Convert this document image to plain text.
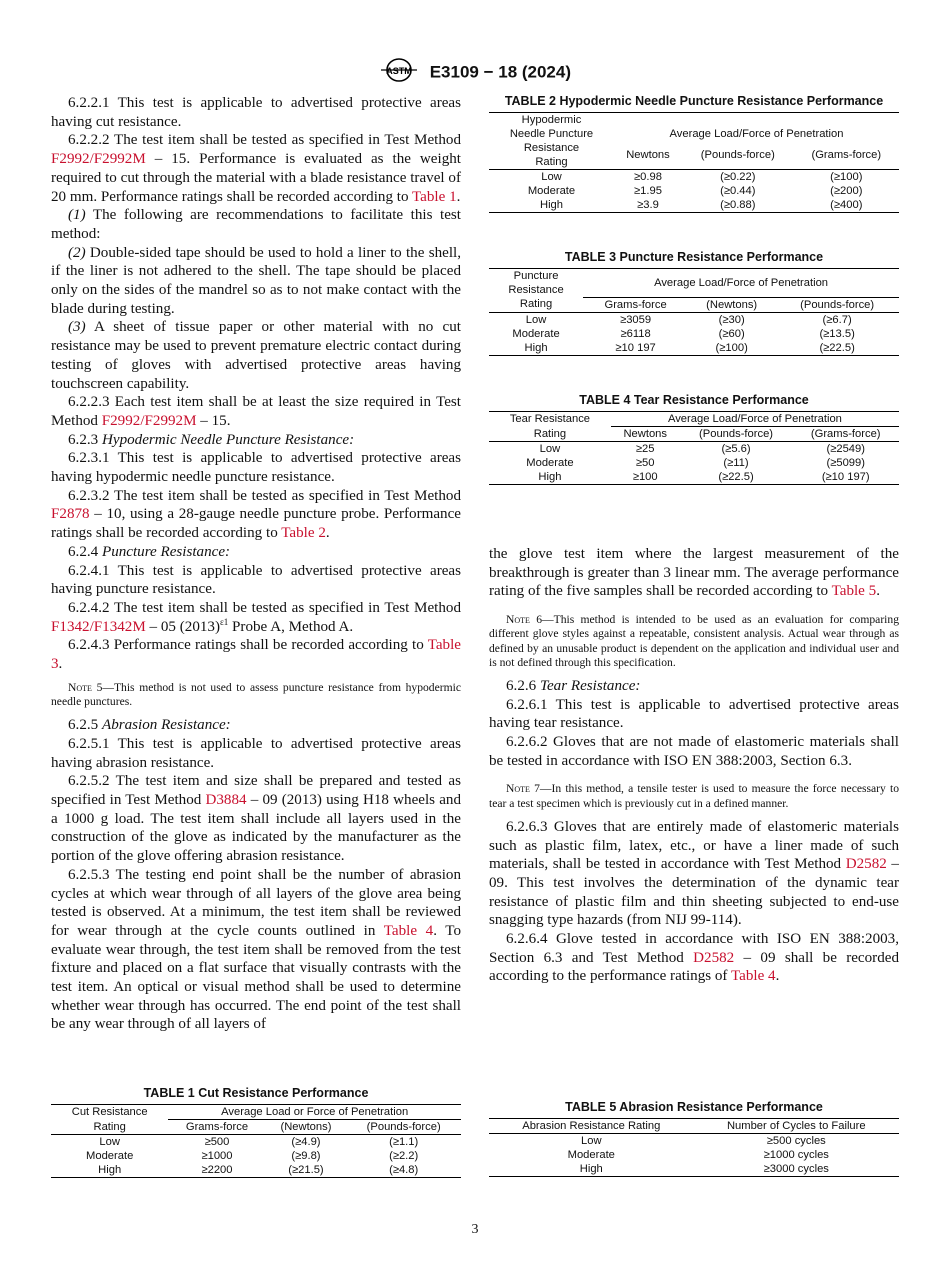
ASTM E3109 − 18 (2024)

6.2.2.1 This test is applicable to advertised protective areas having cut resistance.

6.2.2.2 The test item shall be tested as specified in Test Method F2992/F2992M – 15. Performance is evaluated as the weight required to cut through the material with a blade resistance travel of 20 mm. Performance ratings shall be recorded according to Table 1.

(1) The following are recommendations to facilitate this test method:

(2) Double-sided tape should be used to hold a liner to the shell, if the liner is not adhered to the shell. The tape should be placed only on the sides of the mandrel so as to not make contact with the blade during testing.

(3) A sheet of tissue paper or other material with no cut resistance may be used to prevent premature electric contact during testing of gloves with advertised protective areas having touchscreen capability.

6.2.2.3 Each test item shall be at least the size required in Test Method F2992/F2992M – 15.

6.2.3 Hypodermic Needle Puncture Resistance:

6.2.3.1 This test is applicable to advertised protective areas having hypodermic needle puncture resistance.

6.2.3.2 The test item shall be tested as specified in Test Method F2878 – 10, using a 28-gauge needle puncture probe. Performance ratings shall be recorded according to Table 2.

6.2.4 Puncture Resistance:

6.2.4.1 This test is applicable to advertised protective areas having puncture resistance.

6.2.4.2 The test item shall be tested as specified in Test Method F1342/F1342M – 05 $(2013)^{\varepsilon 1}$ Probe A, Method A.

6.2.4.3 Performance ratings shall be recorded according to Table 3.

Note 5—This method is not used to assess puncture resistance from hypodermic needle punctures.

6.2.5 Abrasion Resistance:

6.2.5.1 This test is applicable to advertised protective areas having abrasion resistance.

6.2.5.2 The test item and size shall be prepared and tested as specified in Test Method D3884 – 09 (2013) using H18 wheels and a 1000 g load. The test item shall include all layers used in the construction of the glove as indicated by the manufacturer as the portion of the glove offering abrasion resistance.

6.2.5.3 The testing end point shall be the number of abrasion cycles at which wear through of all layers of the glove area being tested is observed. At a minimum, the test item shall be reviewed for wear through at the cycle counts outlined in Table 4. To evaluate wear through, the test item shall be removed from the test fixture and placed on a flat surface that visually contrasts with the test item. An optical or visual method shall be used to determine whether wear through has occurred. The end point of the test shall be any wear through of all layers of

TABLE 2 Hypodermic Needle Puncture Resistance Performance
Hypodermic	Average Load/Force of Penetration		
Needle Puncture			
Resistance	Newtons	(Pounds-force)	(Grams-force)
Rating			
Low	≥0.98	(≥0.22)	(≥100)
Moderate	≥1.95	(≥0.44)	(≥200)
High	≥3.9	(≥0.88)	(≥400)
TABLE 3 Puncture Resistance Performance
Puncture	Average Load/Force of Penetration		
Resistance			
Rating	Grams-force	(Newtons)	(Pounds-force)
Low	≥3059	(≥30)	(≥6.7)
Moderate	≥6118	(≥60)	(≥13.5)
High	≥10 197	(≥100)	(≥22.5)
TABLE 4 Tear Resistance Performance
Tear Resistance	Average Load/Force of Penetration		
Rating	Newtons	(Pounds-force)	(Grams-force)
Low	≥25	(≥5.6)	(≥2549)
Moderate	≥50	(≥11)	(≥5099)
High	≥100	(≥22.5)	(≥10 197)

the glove test item where the largest measurement of the breakthrough is greater than 3 linear mm. The average performance rating of the five samples shall be recorded according to Table 5.

Note 6—This method is intended to be used as an evaluation for comparing different glove styles against a repeatable, consistent analysis. Actual wear through as defined by an unusable product is dependent on the application and individual user and is not defined through this specification.

6.2.6 Tear Resistance:

6.2.6.1 This test is applicable to advertised protective areas having tear resistance.

6.2.6.2 Gloves that are not made of elastomeric materials shall be tested in accordance with ISO EN 388:2003, Section 6.3.

Note 7—In this method, a tensile tester is used to measure the force necessary to tear a test specimen which is previously cut in a defined manner.

6.2.6.3 Gloves that are entirely made of elastomeric materials such as plastic film, latex, etc., or have a liner made of such materials, shall be tested in accordance with Test Method D2582 – 09. This test involves the determination of the dynamic tear resistance of plastic film and thin sheeting subjected to end-use snagging type hazards (from NIJ 99-114).

6.2.6.4 Glove tested in accordance with ISO EN 388:2003, Section 6.3 and Test Method D2582 – 09 shall be recorded according to the performance ratings of Table 4.

TABLE 1 Cut Resistance Performance
Cut Resistance	Average Load or Force of Penetration		
Rating	Grams-force	(Newtons)	(Pounds-force)
Low	≥500	(≥4.9)	(≥1.1)
Moderate	≥1000	(≥9.8)	(≥2.2)
High	≥2200	(≥21.5)	(≥4.8)
TABLE 5 Abrasion Resistance Performance
Abrasion Resistance Rating	Number of Cycles to Failure
Low	≥500 cycles
Moderate	≥1000 cycles
High	≥3000 cycles
3
